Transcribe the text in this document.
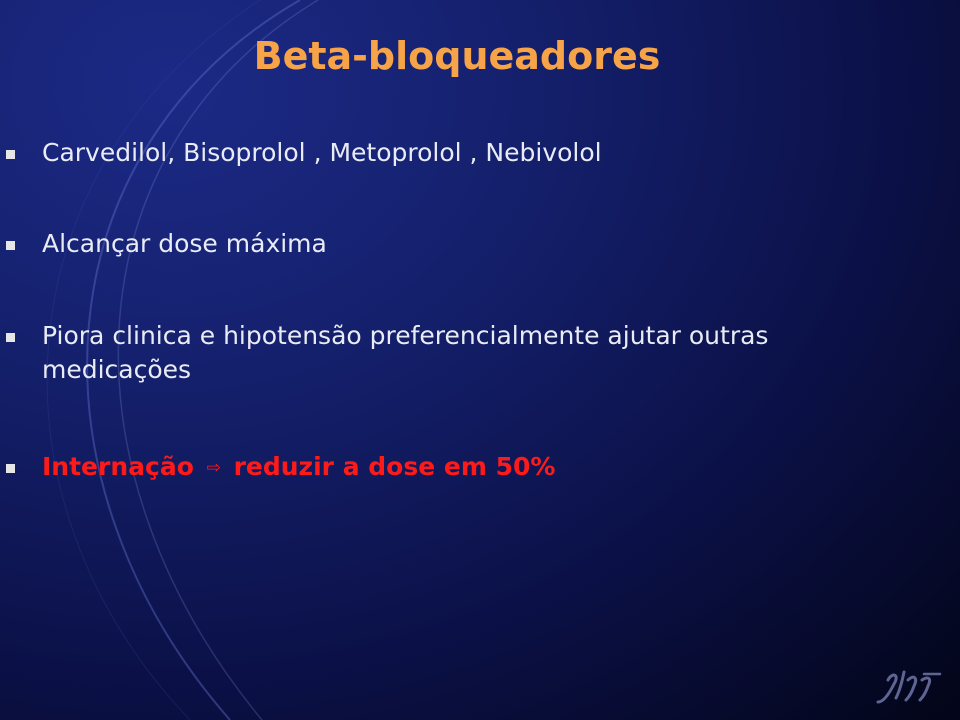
Beta-bloqueadores
Carvedilol, Bisoprolol , Metoprolol , Nebivolol
Alcançar dose máxima
Piora clinica e hipotensão preferencialmente ajutar outras medicações
Internação ⇨ reduzir a dose em 50%
